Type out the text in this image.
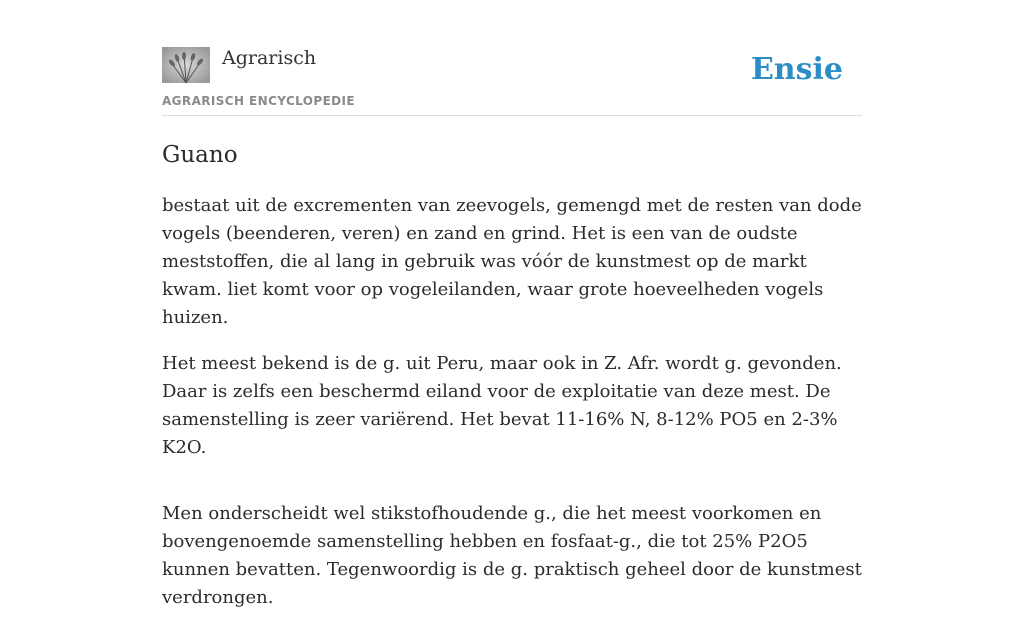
Agrarisch
AGRARISCH ENCYCLOPEDIE
Ensie
Guano

bestaat uit de excrementen van zeevogels, gemengd met de resten van dode vogels (beenderen, veren) en zand en grind. Het is een van de oudste meststoffen, die al lang in gebruik was vóór de kunstmest op de markt kwam. liet komt voor op vogeleilanden, waar grote hoeveelheden vogels huizen.

Het meest bekend is de g. uit Peru, maar ook in Z. Afr. wordt g. gevonden. Daar is zelfs een beschermd eiland voor de exploitatie van deze mest. De samenstelling is zeer variërend. Het bevat 11-16% N, 8-12% PO5 en 2-3% K2O.

Men onderscheidt wel stikstofhoudende g., die het meest voorkomen en bovengenoemde samenstelling hebben en fosfaat-g., die tot 25% P2O5 kunnen bevatten. Tegenwoordig is de g. praktisch geheel door de kunstmest verdrongen.
